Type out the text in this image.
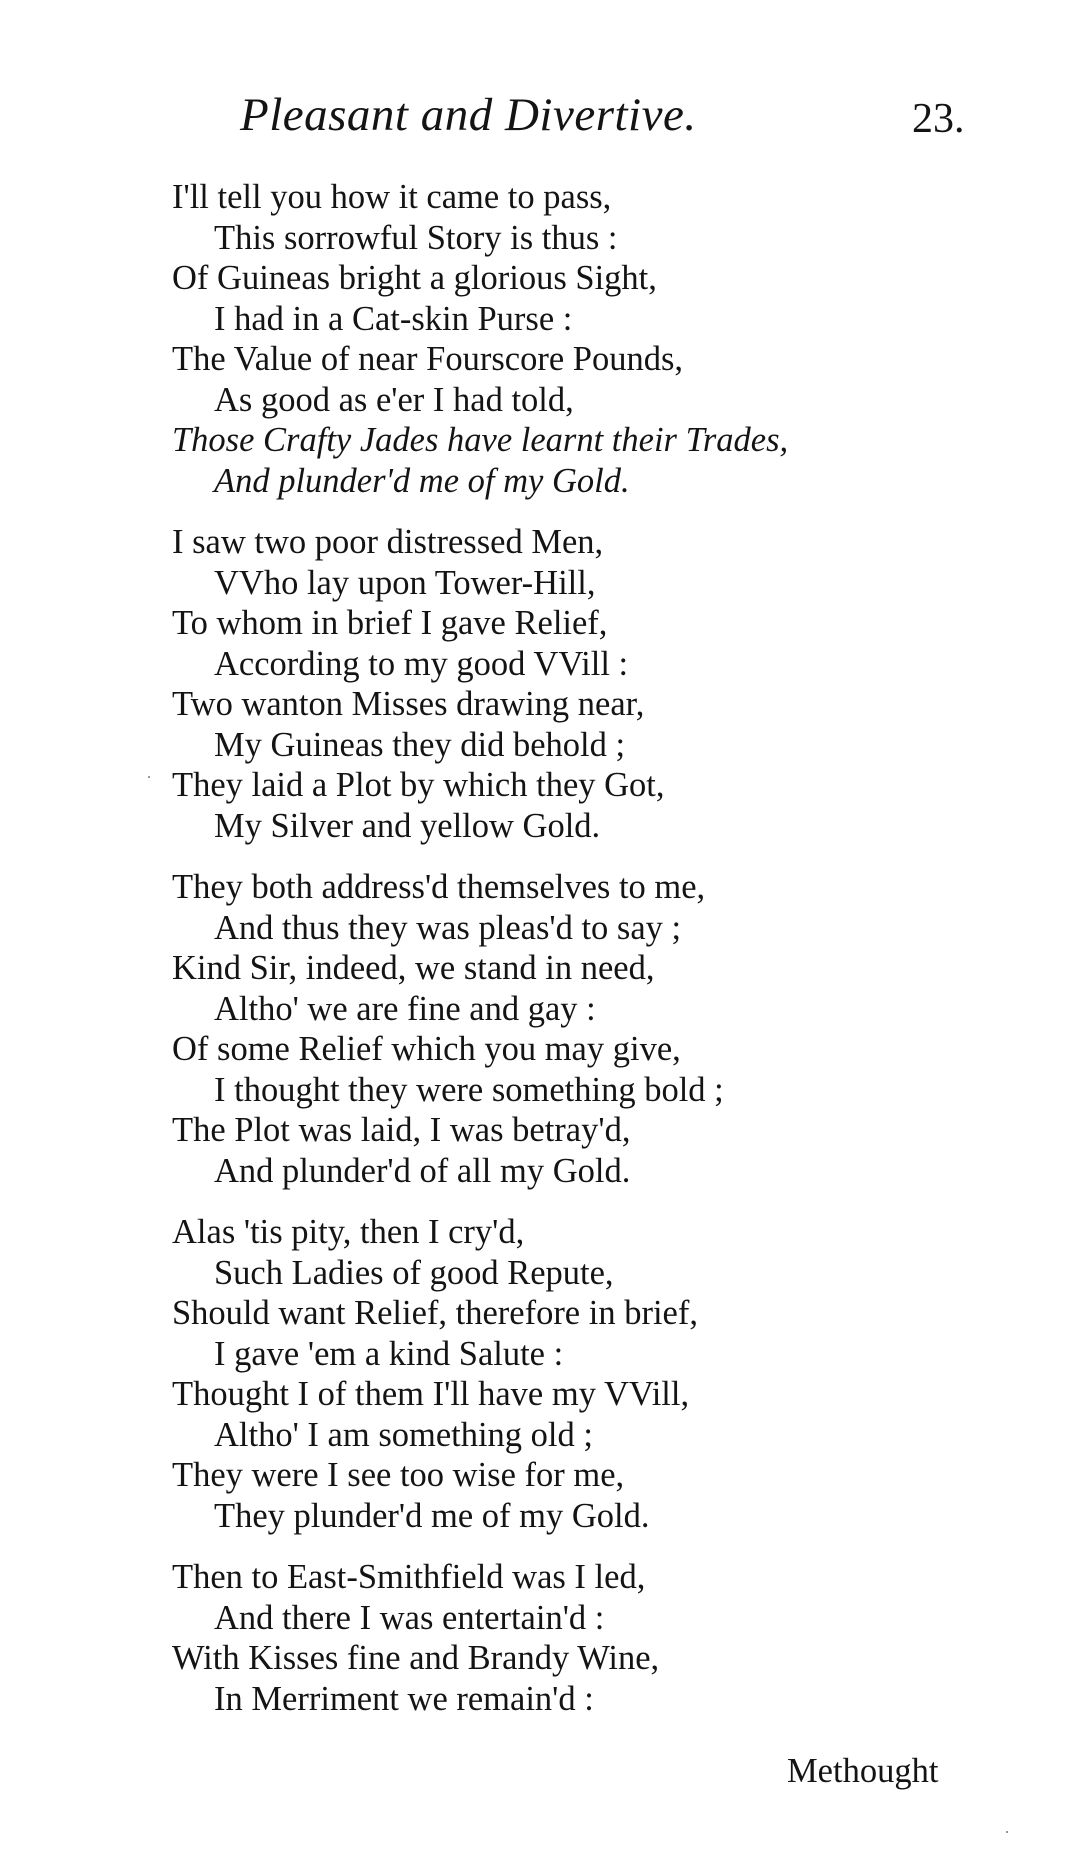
Pleasant and Divertive.	23.
I'll tell you how it came to pass,
This sorrowful Story is thus :
Of Guineas bright a glorious Sight,
I had in a Cat-skin Purse :
The Value of near Fourscore Pounds,
As good as e'er I had told,
Those Crafty Jades have learnt their Trades,
And plunder'd me of my Gold.
I saw two poor distressed Men,
VVho lay upon Tower-Hill,
To whom in brief I gave Relief,
According to my good VVill :
Two wanton Misses drawing near,
My Guineas they did behold ;
They laid a Plot by which they Got,
My Silver and yellow Gold.
They both address'd themselves to me,
And thus they was pleas'd to say ;
Kind Sir, indeed, we stand in need,
Altho' we are fine and gay :
Of some Relief which you may give,
I thought they were something bold ;
The Plot was laid, I was betray'd,
And plunder'd of all my Gold.
Alas 'tis pity, then I cry'd,
Such Ladies of good Repute,
Should want Relief, therefore in brief,
I gave 'em a kind Salute :
Thought I of them I'll have my VVill,
Altho' I am something old ;
They were I see too wise for me,
They plunder'd me of my Gold.
Then to East-Smithfield was I led,
And there I was entertain'd :
With Kisses fine and Brandy Wine,
In Merriment we remain'd :
Methought
